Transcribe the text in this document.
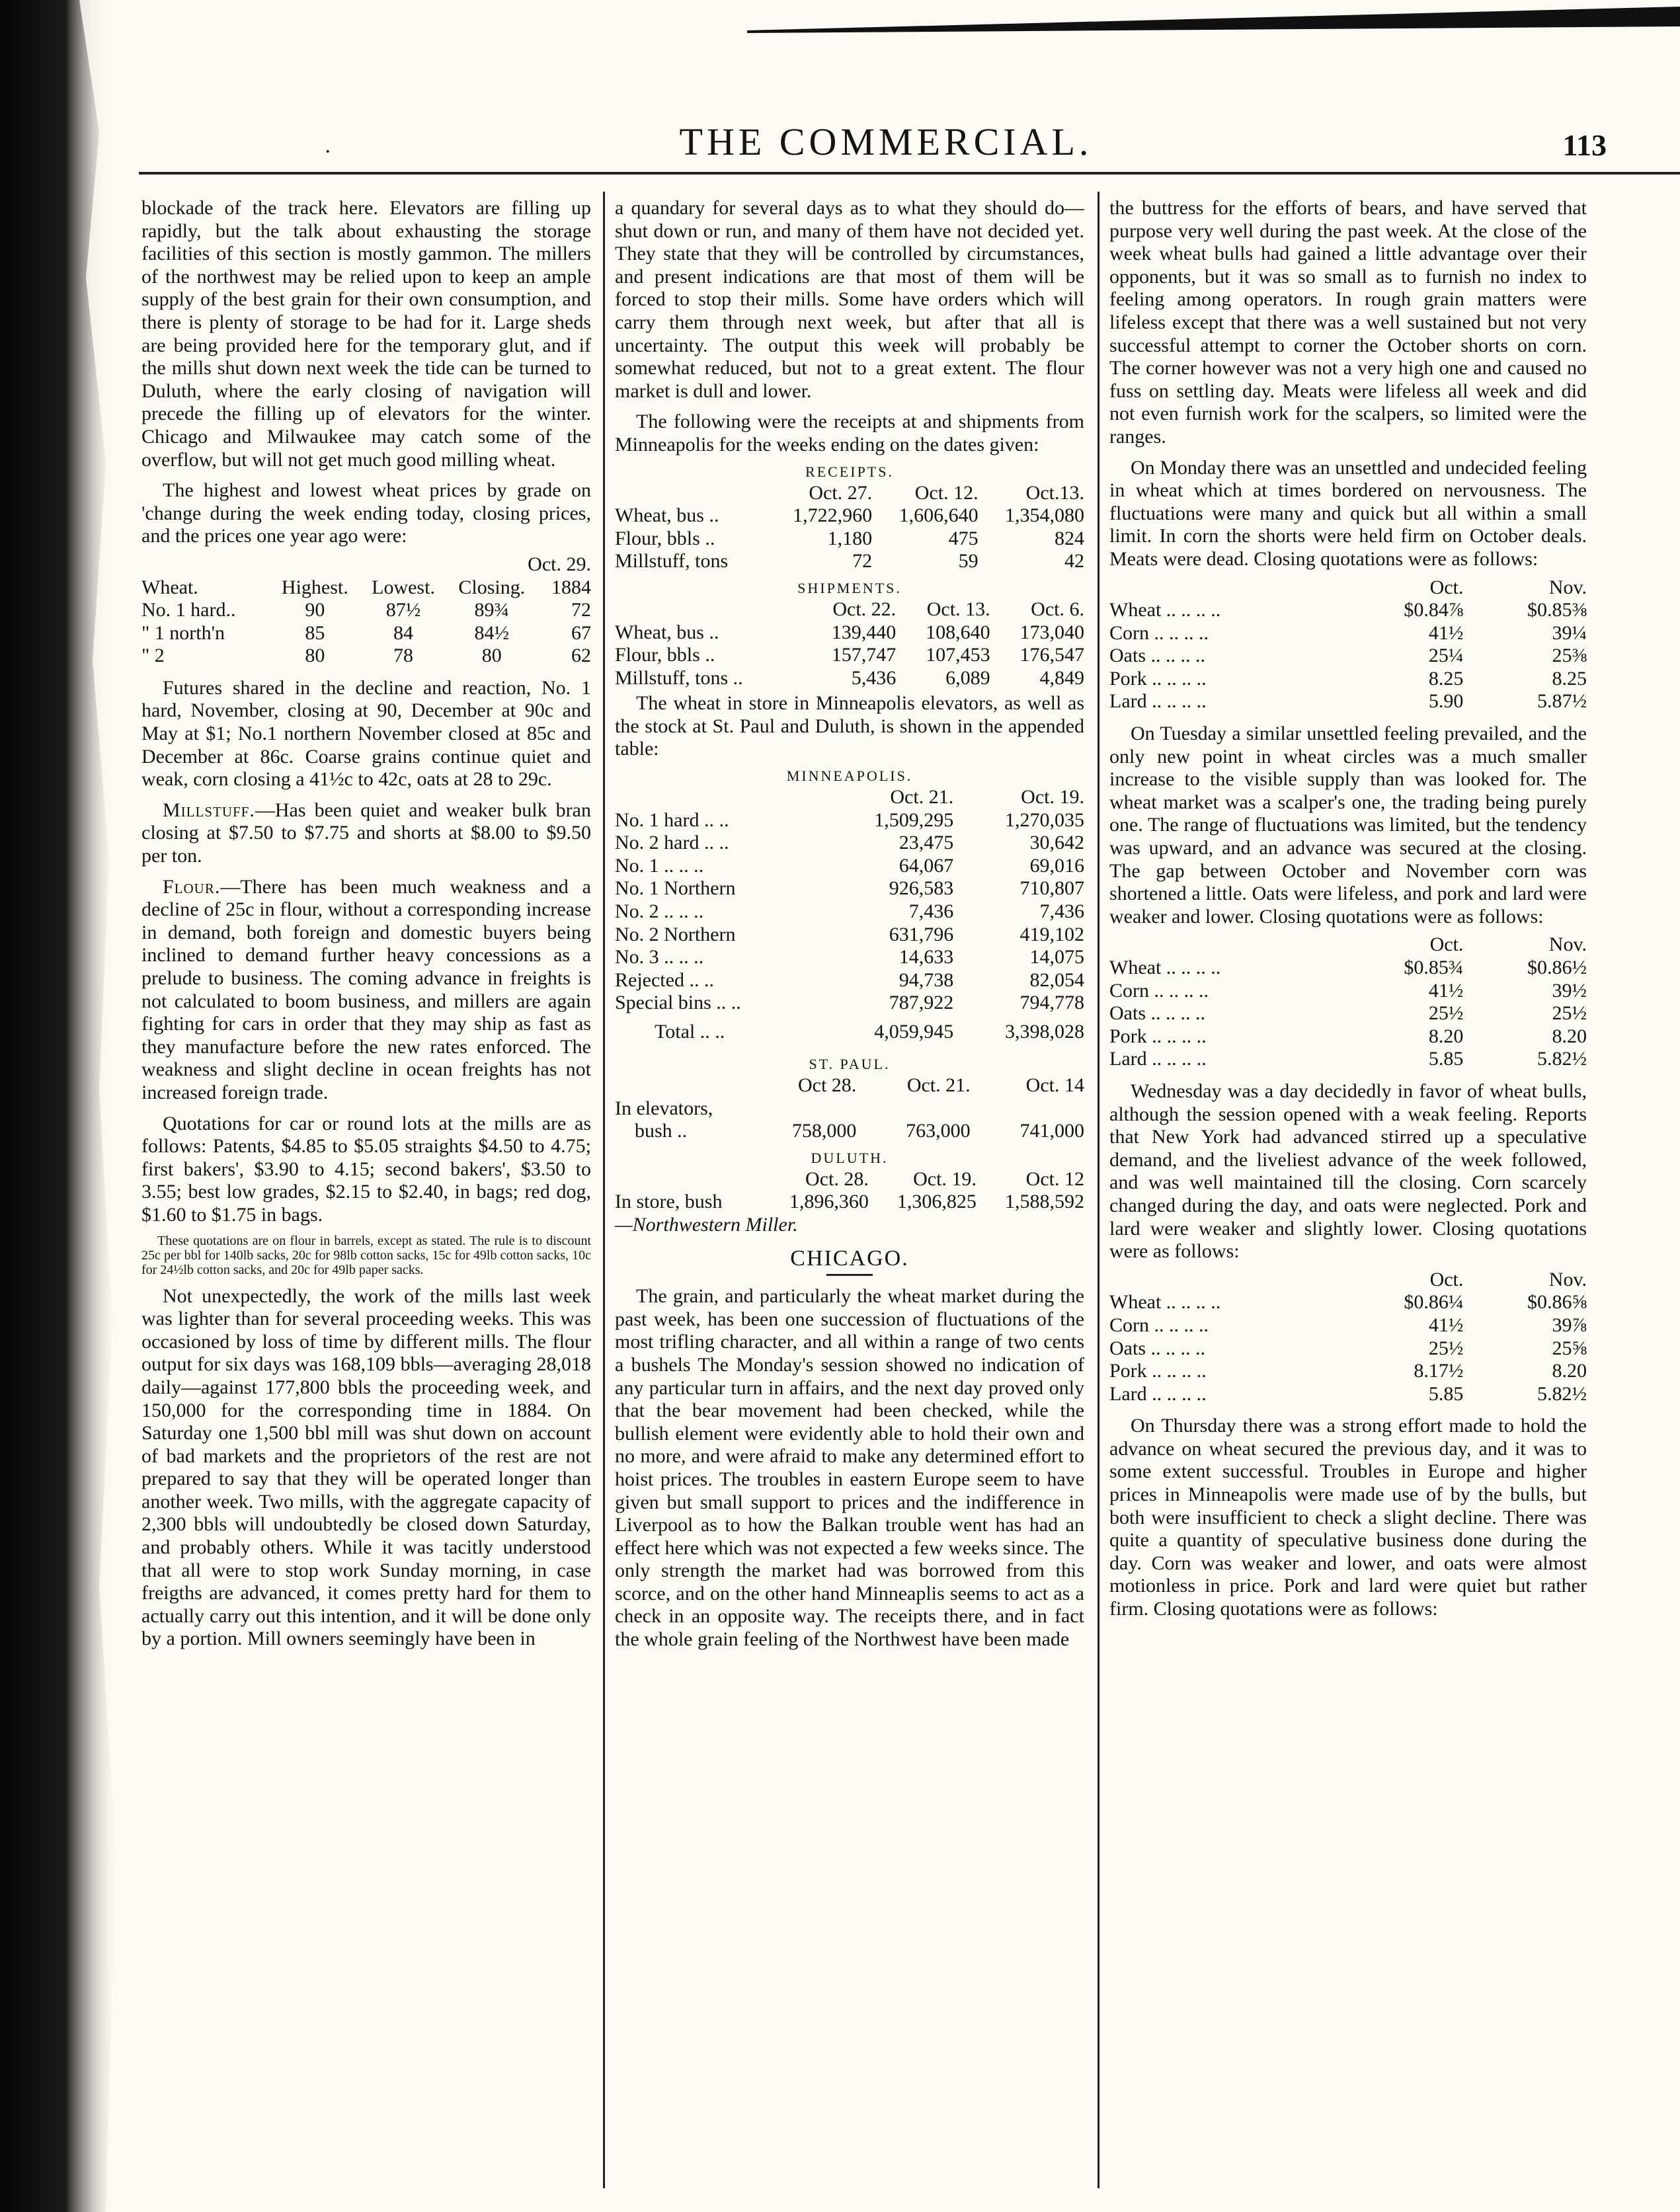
·	THE COMMERCIAL.	113

blockade of the track here. Elevators are filling up rapidly, but the talk about exhausting the storage facilities of this section is mostly gammon. The millers of the northwest may be relied upon to keep an ample supply of the best grain for their own consumption, and there is plenty of storage to be had for it. Large sheds are being provided here for the temporary glut, and if the mills shut down next week the tide can be turned to Duluth, where the early closing of navigation will precede the filling up of elevators for the winter. Chicago and Milwaukee may catch some of the overflow, but will not get much good milling wheat.

The highest and lowest wheat prices by grade on 'change during the week ending today, closing prices, and the prices one year ago were:

Oct. 29.
Wheat.	Highest.	Lowest.	Closing.	1884
No. 1 hard..	90	87½	89¾	72
" 1 north'n	85	84	84½	67
" 2	80	78	80	62

Futures shared in the decline and reaction, No. 1 hard, November, closing at 90, December at 90c and May at $1; No.1 northern November closed at 85c and December at 86c. Coarse grains continue quiet and weak, corn closing a 41½c to 42c, oats at 28 to 29c.

Millstuff.—Has been quiet and weaker bulk bran closing at $7.50 to $7.75 and shorts at $8.00 to $9.50 per ton.

Flour.—There has been much weakness and a decline of 25c in flour, without a corresponding increase in demand, both foreign and domestic buyers being inclined to demand further heavy concessions as a prelude to business. The coming advance in freights is not calculated to boom business, and millers are again fighting for cars in order that they may ship as fast as they manufacture before the new rates enforced. The weakness and slight decline in ocean freights has not increased foreign trade.

Quotations for car or round lots at the mills are as follows: Patents, $4.85 to $5.05 straights $4.50 to 4.75; first bakers', $3.90 to 4.15; second bakers', $3.50 to 3.55; best low grades, $2.15 to $2.40, in bags; red dog, $1.60 to $1.75 in bags.

These quotations are on flour in barrels, except as stated. The rule is to discount 25c per bbl for 140lb sacks, 20c for 98lb cotton sacks, 15c for 49lb cotton sacks, 10c for 24½lb cotton sacks, and 20c for 49lb paper sacks.

Not unexpectedly, the work of the mills last week was lighter than for several proceeding weeks. This was occasioned by loss of time by different mills. The flour output for six days was 168,109 bbls—averaging 28,018 daily—against 177,800 bbls the proceeding week, and 150,000 for the corresponding time in 1884. On Saturday one 1,500 bbl mill was shut down on account of bad markets and the proprietors of the rest are not prepared to say that they will be operated longer than another week. Two mills, with the aggregate capacity of 2,300 bbls will undoubtedly be closed down Saturday, and probably others. While it was tacitly understood that all were to stop work Sunday morning, in case freigths are advanced, it comes pretty hard for them to actually carry out this intention, and it will be done only by a portion. Mill owners seemingly have been in

a quandary for several days as to what they should do—shut down or run, and many of them have not decided yet. They state that they will be controlled by circumstances, and present indications are that most of them will be forced to stop their mills. Some have orders which will carry them through next week, but after that all is uncertainty. The output this week will probably be somewhat reduced, but not to a great extent. The flour market is dull and lower.

The following were the receipts at and shipments from Minneapolis for the weeks ending on the dates given:

RECEIPTS.
	Oct. 27.	Oct. 12.	Oct.13.
Wheat, bus ..	1,722,960	1,606,640	1,354,080
Flour, bbls ..	1,180	475	824
Millstuff, tons	72	59	42
SHIPMENTS.
	Oct. 22.	Oct. 13.	Oct. 6.
Wheat, bus ..	139,440	108,640	173,040
Flour, bbls ..	157,747	107,453	176,547
Millstuff, tons ..	5,436	6,089	4,849

The wheat in store in Minneapolis elevators, as well as the stock at St. Paul and Duluth, is shown in the appended table:

MINNEAPOLIS.
	Oct. 21.	Oct. 19.
No. 1 hard .. ..	1,509,295	1,270,035
No. 2 hard .. ..	23,475	30,642
No. 1 .. .. ..	64,067	69,016
No. 1 Northern	926,583	710,807
No. 2 .. .. ..	7,436	7,436
No. 2 Northern	631,796	419,102
No. 3 .. .. ..	14,633	14,075
Rejected .. ..	94,738	82,054
Special bins .. ..	787,922	794,778
Total .. ..	4,059,945	3,398,028
ST. PAUL.
	Oct 28.	Oct. 21.	Oct. 14
In elevators,			
bush ..	758,000	763,000	741,000
DULUTH.
	Oct. 28.	Oct. 19.	Oct. 12
In store, bush	1,896,360	1,306,825	1,588,592
—Northwestern Miller.
CHICAGO.

The grain, and particularly the wheat market during the past week, has been one succession of fluctuations of the most trifling character, and all within a range of two cents a bushels The Monday's session showed no indication of any particular turn in affairs, and the next day proved only that the bear movement had been checked, while the bullish element were evidently able to hold their own and no more, and were afraid to make any determined effort to hoist prices. The troubles in eastern Europe seem to have given but small support to prices and the indifference in Liverpool as to how the Balkan trouble went has had an effect here which was not expected a few weeks since. The only strength the market had was borrowed from this scorce, and on the other hand Minneaplis seems to act as a check in an opposite way. The receipts there, and in fact the whole grain feeling of the Northwest have been made

the buttress for the efforts of bears, and have served that purpose very well during the past week. At the close of the week wheat bulls had gained a little advantage over their opponents, but it was so small as to furnish no index to feeling among operators. In rough grain matters were lifeless except that there was a well sustained but not very successful attempt to corner the October shorts on corn. The corner however was not a very high one and caused no fuss on settling day. Meats were lifeless all week and did not even furnish work for the scalpers, so limited were the ranges.

On Monday there was an unsettled and undecided feeling in wheat which at times bordered on nervousness. The fluctuations were many and quick but all within a small limit. In corn the shorts were held firm on October deals. Meats were dead. Closing quotations were as follows:

	Oct.	Nov.
Wheat .. .. .. ..	$0.84⅞	$0.85⅜
Corn .. .. .. ..	41½	39¼
Oats .. .. .. ..	25¼	25⅜
Pork .. .. .. ..	8.25	8.25
Lard .. .. .. ..	5.90	5.87½

On Tuesday a similar unsettled feeling prevailed, and the only new point in wheat circles was a much smaller increase to the visible supply than was looked for. The wheat market was a scalper's one, the trading being purely one. The range of fluctuations was limited, but the tendency was upward, and an advance was secured at the closing. The gap between October and November corn was shortened a little. Oats were lifeless, and pork and lard were weaker and lower. Closing quotations were as follows:

	Oct.	Nov.
Wheat .. .. .. ..	$0.85¾	$0.86½
Corn .. .. .. ..	41½	39½
Oats .. .. .. ..	25½	25½
Pork .. .. .. ..	8.20	8.20
Lard .. .. .. ..	5.85	5.82½

Wednesday was a day decidedly in favor of wheat bulls, although the session opened with a weak feeling. Reports that New York had advanced stirred up a speculative demand, and the liveliest advance of the week followed, and was well maintained till the closing. Corn scarcely changed during the day, and oats were neglected. Pork and lard were weaker and slightly lower. Closing quotations were as follows:

	Oct.	Nov.
Wheat .. .. .. ..	$0.86¼	$0.86⅝
Corn .. .. .. ..	41½	39⅞
Oats .. .. .. ..	25½	25⅝
Pork .. .. .. ..	8.17½	8.20
Lard .. .. .. ..	5.85	5.82½

On Thursday there was a strong effort made to hold the advance on wheat secured the previous day, and it was to some extent successful. Troubles in Europe and higher prices in Minneapolis were made use of by the bulls, but both were insufficient to check a slight decline. There was quite a quantity of speculative business done during the day. Corn was weaker and lower, and oats were almost motionless in price. Pork and lard were quiet but rather firm. Closing quotations were as follows:
